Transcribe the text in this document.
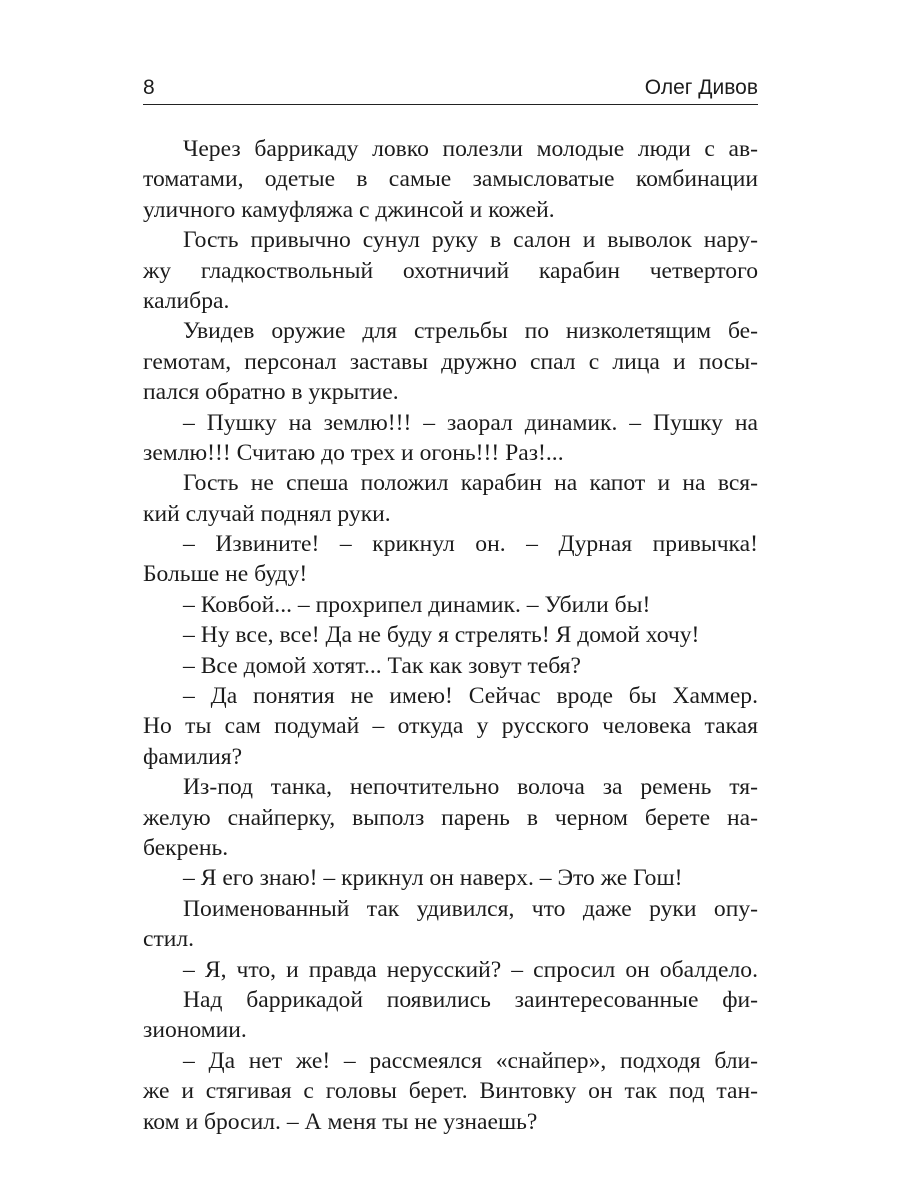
8	Олег Дивов
Через баррикаду ловко полезли молодые люди с ав-
томатами, одетые в самые замысловатые комбинации
уличного камуфляжа с джинсой и кожей.
Гость привычно сунул руку в салон и выволок нару-
жу гладкоствольный охотничий карабин четвертого
калибра.
Увидев оружие для стрельбы по низколетящим бе-
гемотам, персонал заставы дружно спал с лица и посы-
пался обратно в укрытие.
– Пушку на землю!!! – заорал динамик. – Пушку на
землю!!! Считаю до трех и огонь!!! Раз!...
Гость не спеша положил карабин на капот и на вся-
кий случай поднял руки.
– Извините! – крикнул он. – Дурная привычка!
Больше не буду!
– Ковбой... – прохрипел динамик. – Убили бы!
– Ну все, все! Да не буду я стрелять! Я домой хочу!
– Все домой хотят... Так как зовут тебя?
– Да понятия не имею! Сейчас вроде бы Хаммер.
Но ты сам подумай – откуда у русского человека такая
фамилия?
Из-под танка, непочтительно волоча за ремень тя-
желую снайперку, выполз парень в черном берете на-
бекрень.
– Я его знаю! – крикнул он наверх. – Это же Гош!
Поименованный так удивился, что даже руки опу-
стил.
– Я, что, и правда нерусский? – спросил он обалдело.
Над баррикадой появились заинтересованные фи-
зиономии.
– Да нет же! – рассмеялся «снайпер», подходя бли-
же и стягивая с головы берет. Винтовку он так под тан-
ком и бросил. – А меня ты не узнаешь?
